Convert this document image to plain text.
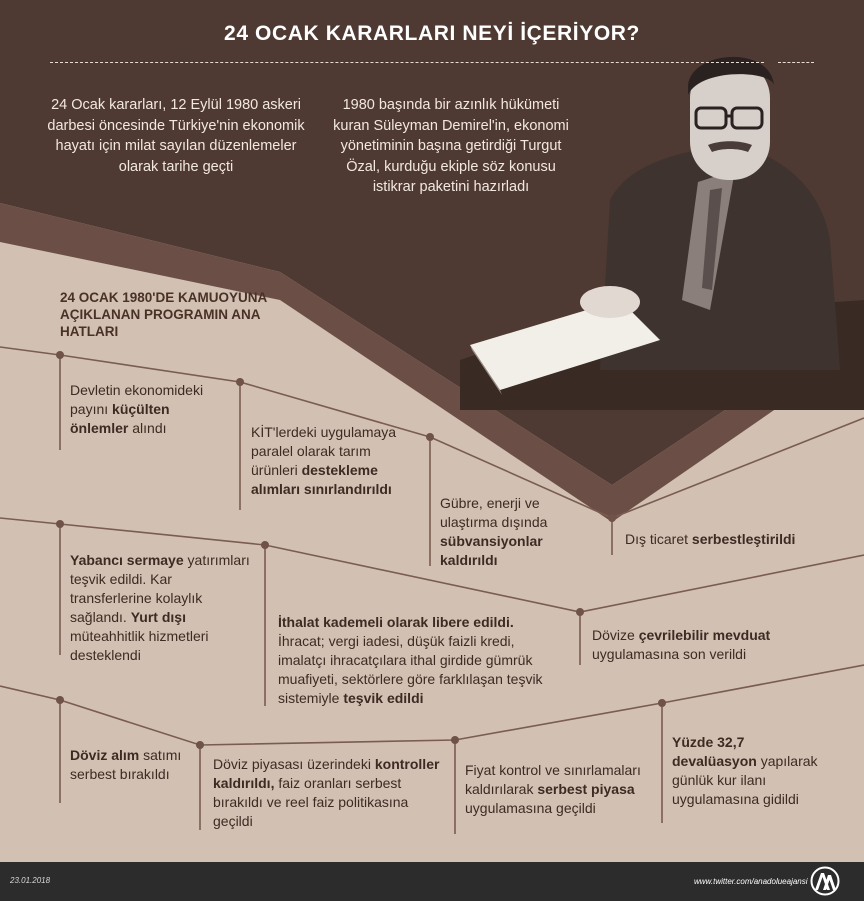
24 OCAK KARARLARI NEYİ İÇERİYOR?
24 Ocak kararları, 12 Eylül 1980 askeri darbesi öncesinde Türkiye'nin ekonomik hayatı için milat sayılan düzenlemeler olarak tarihe geçti
1980 başında bir azınlık hükümeti kuran Süleyman Demirel'in, ekonomi yönetiminin başına getirdiği Turgut Özal, kurduğu ekiple söz konusu istikrar paketini hazırladı
24 OCAK 1980'DE KAMUOYUNA AÇIKLANAN PROGRAMIN ANA HATLARI
Devletin ekonomideki payını küçülten önlemler alındı	KİT'lerdeki uygulamaya paralel olarak tarım ürünleri destekleme alımları sınırlandırıldı
Gübre, enerji ve ulaştırma dışında sübvansiyonlar kaldırıldı
Dış ticaret serbestleştirildi
Yabancı sermaye yatırımları teşvik edildi. Kar transferlerine kolaylık sağlandı. Yurt dışı müteahhitlik hizmetleri desteklendi
İthalat kademeli olarak libere edildi. İhracat; vergi iadesi, düşük faizli kredi, imalatçı ihracatçılara ithal girdide gümrük muafiyeti, sektörlere göre farklılaşan teşvik sistemiyle teşvik edildi
Dövize çevrilebilir mevduat uygulamasına son verildi
Döviz alım satımı serbest bırakıldı
Döviz piyasası üzerindeki kontroller kaldırıldı, faiz oranları serbest bırakıldı ve reel faiz politikasına geçildi
Fiyat kontrol ve sınırlamaları kaldırılarak serbest piyasa uygulamasına geçildi
Yüzde 32,7 devalüasyon yapılarak günlük kur ilanı uygulamasına gidildi
23.01.2018	www.twitter.com/anadolueajansi
